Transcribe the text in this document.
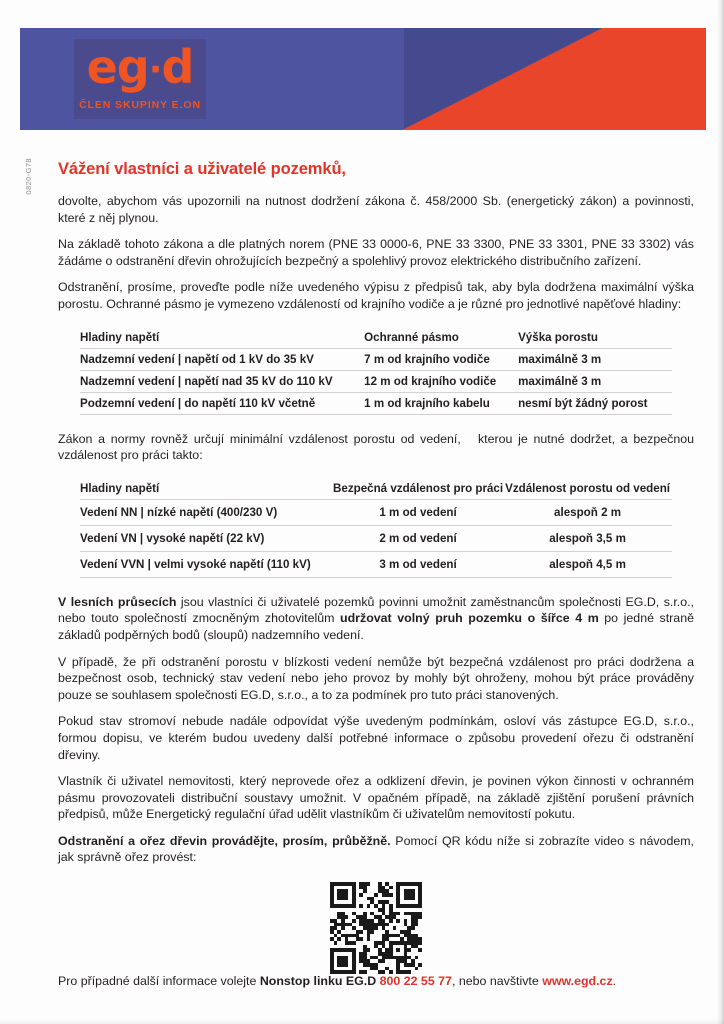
eg·d
ČLEN SKUPINY E.ON
0820-G78	Vážení vlastníci a uživatelé pozemků,

dovolte, abychom vás upozornili na nutnost dodržení zákona č. 458/2000 Sb. (energetický zákon) a povinnosti, které z něj plynou.

Na základě tohoto zákona a dle platných norem (PNE 33 0000-6, PNE 33 3300, PNE 33 3301, PNE 33 3302) vás žádáme o odstranění dřevin ohrožujících bezpečný a spolehlivý provoz elektrického distribučního zařízení.

Odstranění, prosíme, proveďte podle níže uvedeného výpisu z předpisů tak, aby byla dodržena maximální výška porostu. Ochranné pásmo je vymezeno vzdáleností od krajního vodiče a je různé pro jednotlivé napěťové hladiny:

Hladiny napětí	Ochranné pásmo	Výška porostu
Nadzemní vedení | napětí od 1 kV do 35 kV	7 m od krajního vodiče	maximálně 3 m
Nadzemní vedení | napětí nad 35 kV do 110 kV	12 m od krajního vodiče	maximálně 3 m
Podzemní vedení | do napětí 110 kV včetně	1 m od krajního kabelu	nesmí být žádný porost

Zákon a normy rovněž určují minimální vzdálenost porostu od vedení,   kterou je nutné dodržet, a bezpečnou vzdálenost pro práci takto:

Hladiny napětí	Bezpečná vzdálenost pro práci	Vzdálenost porostu od vedení
Vedení NN | nízké napětí (400/230 V)	1 m od vedení	alespoň 2 m
Vedení VN | vysoké napětí (22 kV)	2 m od vedení	alespoň 3,5 m
Vedení VVN | velmi vysoké napětí (110 kV)	3 m od vedení	alespoň 4,5 m

V lesních průsecích jsou vlastníci či uživatelé pozemků povinni umožnit zaměstnancům společnosti EG.D, s.r.o., nebo touto společností zmocněným zhotovitelům udržovat volný pruh pozemku o šířce 4 m po jedné straně základů podpěrných bodů (sloupů) nadzemního vedení.

V případě, že při odstranění porostu v blízkosti vedení nemůže být bezpečná vzdálenost pro práci dodržena a bezpečnost osob, technický stav vedení nebo jeho provoz by mohly být ohroženy, mohou být práce prováděny pouze se souhlasem společnosti EG.D, s.r.o., a to za podmínek pro tuto práci stanovených.

Pokud stav stromoví nebude nadále odpovídat výše uvedeným podmínkám, osloví vás zástupce EG.D, s.r.o., formou dopisu, ve kterém budou uvedeny další potřebné informace o způsobu provedení ořezu či odstranění dřeviny.

Vlastník či uživatel nemovitosti, který neprovede ořez a odklizení dřevin, je povinen výkon činnosti v ochranném pásmu provozovateli distribuční soustavy umožnit. V opačném případě, na základě zjištění porušení právních předpisů, může Energetický regulační úřad udělit vlastníkům či uživatelům nemovitostí pokutu.

Odstranění a ořez dřevin provádějte, prosím, průběžně. Pomocí QR kódu níže si zobrazíte video s návodem, jak správně ořez provést:

Pro případné další informace volejte Nonstop linku EG.D 800 22 55 77, nebo navštivte www.egd.cz.
